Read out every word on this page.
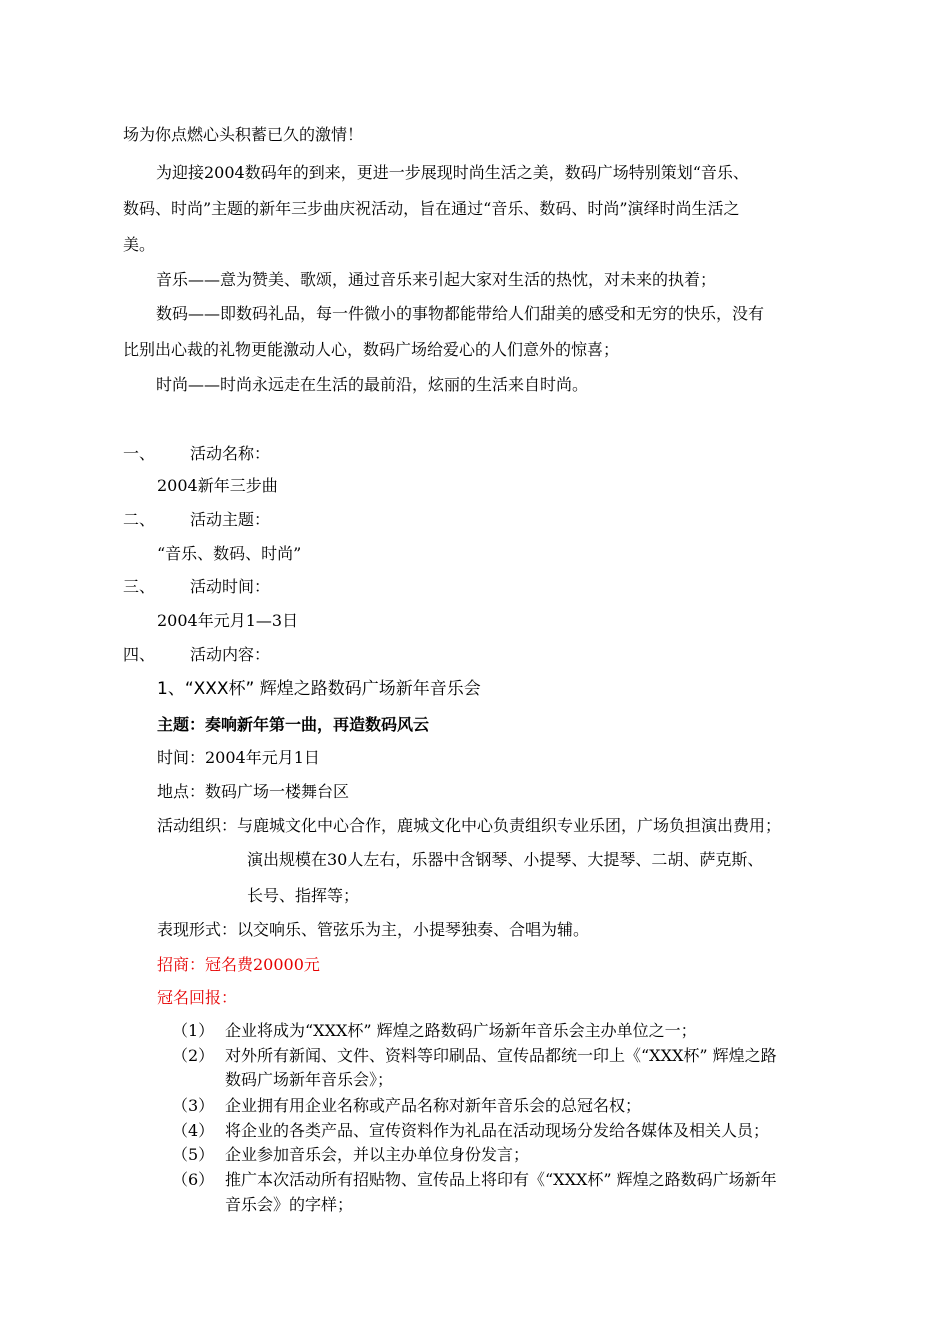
场为你点燃心头积蓄已久的激情！
为迎接2004数码年的到来，更进一步展现时尚生活之美，数码广场特别策划“音乐、
数码、时尚”主题的新年三步曲庆祝活动，旨在通过“音乐、数码、时尚”演绎时尚生活之
美。
音乐——意为赞美、歌颂，通过音乐来引起大家对生活的热忱，对未来的执着；
数码——即数码礼品，每一件微小的事物都能带给人们甜美的感受和无穷的快乐，没有
比别出心裁的礼物更能激动人心，数码广场给爱心的人们意外的惊喜；
时尚——时尚永远走在生活的最前沿，炫丽的生活来自时尚。
一、 活动名称：
2004新年三步曲
二、 活动主题：
“音乐、数码、时尚”
三、 活动时间：
2004年元月1—3日
四、 活动内容：
1、“XXX杯” 辉煌之路数码广场新年音乐会
主题：奏响新年第一曲，再造数码风云
时间：2004年元月1日
地点：数码广场一楼舞台区
活动组织：与鹿城文化中心合作，鹿城文化中心负责组织专业乐团，广场负担演出费用；
演出规模在30人左右，乐器中含钢琴、小提琴、大提琴、二胡、萨克斯、
长号、指挥等；
表现形式：以交响乐、管弦乐为主，小提琴独奏、合唱为辅。
招商：冠名费20000元
冠名回报：
（1） 企业将成为“XXX杯” 辉煌之路数码广场新年音乐会主办单位之一；
（2） 对外所有新闻、文件、资料等印刷品、宣传品都统一印上《“XXX杯” 辉煌之路
数码广场新年音乐会》；
（3） 企业拥有用企业名称或产品名称对新年音乐会的总冠名权；
（4） 将企业的各类产品、宣传资料作为礼品在活动现场分发给各媒体及相关人员；
（5） 企业参加音乐会，并以主办单位身份发言；
（6） 推广本次活动所有招贴物、宣传品上将印有《“XXX杯” 辉煌之路数码广场新年
音乐会》的字样；
